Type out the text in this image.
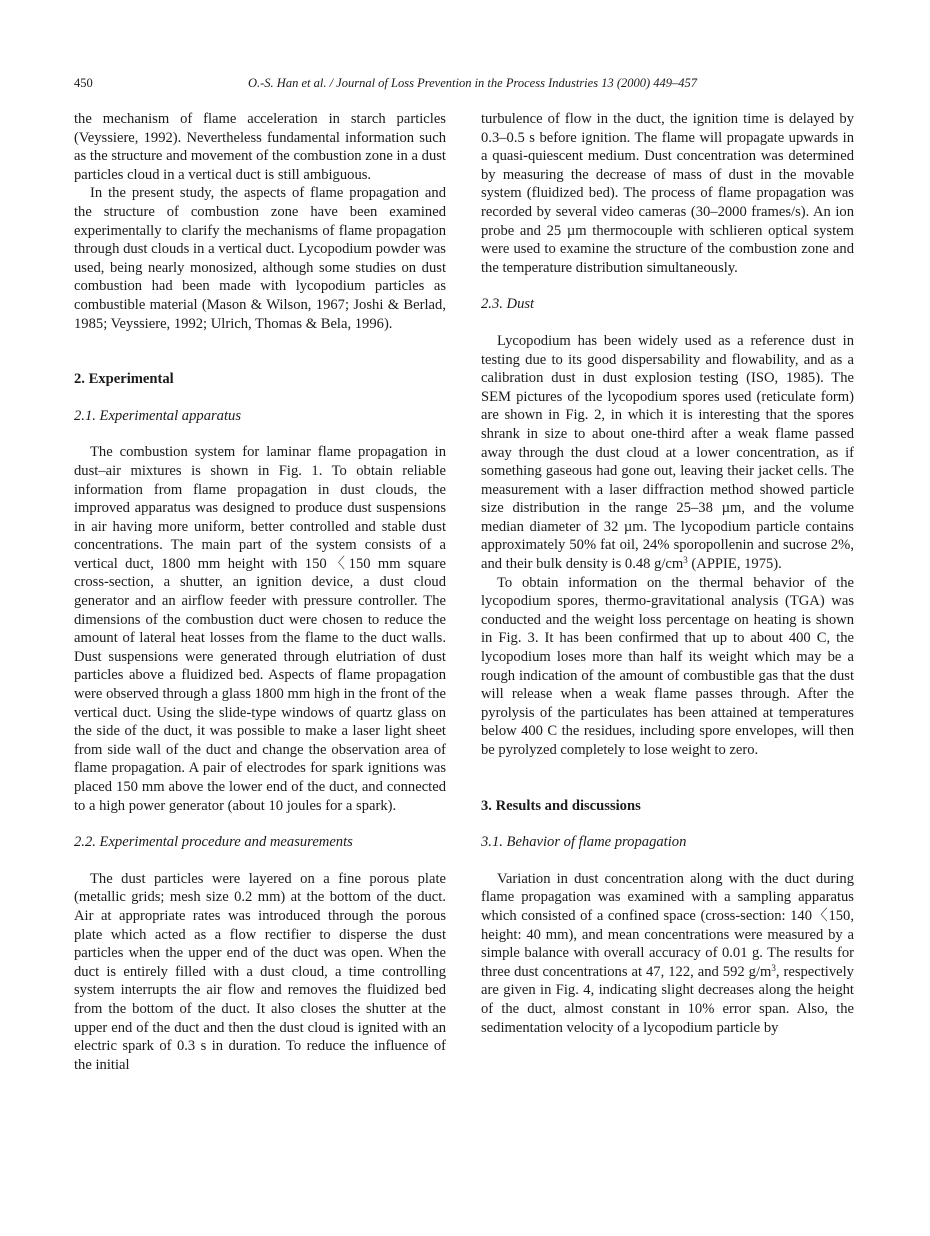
450	O.-S. Han et al. / Journal of Loss Prevention in the Process Industries 13 (2000) 449–457

the mechanism of flame acceleration in starch particles (Veyssiere, 1992). Nevertheless fundamental information such as the structure and movement of the combustion zone in a dust particles cloud in a vertical duct is still ambiguous.

In the present study, the aspects of flame propagation and the structure of combustion zone have been examined experimentally to clarify the mechanisms of flame propagation through dust clouds in a vertical duct. Lycopodium powder was used, being nearly monosized, although some studies on dust combustion had been made with lycopodium particles as combustible material (Mason & Wilson, 1967; Joshi & Berlad, 1985; Veyssiere, 1992; Ulrich, Thomas & Bela, 1996).

2. Experimental
2.1. Experimental apparatus

The combustion system for laminar flame propagation in dust–air mixtures is shown in Fig. 1. To obtain reliable information from flame propagation in dust clouds, the improved apparatus was designed to produce dust suspensions in air having more uniform, better controlled and stable dust concentrations. The main part of the system consists of a vertical duct, 1800 mm height with 150〈150 mm square cross-section, a shutter, an ignition device, a dust cloud generator and an airflow feeder with pressure controller. The dimensions of the combustion duct were chosen to reduce the amount of lateral heat losses from the flame to the duct walls. Dust suspensions were generated through elutriation of dust particles above a fluidized bed. Aspects of flame propagation were observed through a glass 1800 mm high in the front of the vertical duct. Using the slide-type windows of quartz glass on the side of the duct, it was possible to make a laser light sheet from side wall of the duct and change the observation area of flame propagation. A pair of electrodes for spark ignitions was placed 150 mm above the lower end of the duct, and connected to a high power generator (about 10 joules for a spark).

2.2. Experimental procedure and measurements

The dust particles were layered on a fine porous plate (metallic grids; mesh size 0.2 mm) at the bottom of the duct. Air at appropriate rates was introduced through the porous plate which acted as a flow rectifier to disperse the dust particles when the upper end of the duct was open. When the duct is entirely filled with a dust cloud, a time controlling system interrupts the air flow and removes the fluidized bed from the bottom of the duct. It also closes the shutter at the upper end of the duct and then the dust cloud is ignited with an electric spark of 0.3 s in duration. To reduce the influence of the initial

turbulence of flow in the duct, the ignition time is delayed by 0.3–0.5 s before ignition. The flame will propagate upwards in a quasi-quiescent medium. Dust concentration was determined by measuring the decrease of mass of dust in the movable system (fluidized bed). The process of flame propagation was recorded by several video cameras (30–2000 frames/s). An ion probe and 25 µm thermocouple with schlieren optical system were used to examine the structure of the combustion zone and the temperature distribution simultaneously.

2.3. Dust

Lycopodium has been widely used as a reference dust in testing due to its good dispersability and flowability, and as a calibration dust in dust explosion testing (ISO, 1985). The SEM pictures of the lycopodium spores used (reticulate form) are shown in Fig. 2, in which it is interesting that the spores shrank in size to about one-third after a weak flame passed away through the dust cloud at a lower concentration, as if something gaseous had gone out, leaving their jacket cells. The measurement with a laser diffraction method showed particle size distribution in the range 25–38 µm, and the volume median diameter of 32 µm. The lycopodium particle contains approximately 50% fat oil, 24% sporopollenin and sucrose 2%, and their bulk density is 0.48 $g/cm^3$ (APPIE, 1975).

To obtain information on the thermal behavior of the lycopodium spores, thermo-gravitational analysis (TGA) was conducted and the weight loss percentage on heating is shown in Fig. 3. It has been confirmed that up to about 400 C, the lycopodium loses more than half its weight which may be a rough indication of the amount of combustible gas that the dust will release when a weak flame passes through. After the pyrolysis of the particulates has been attained at temperatures below 400 C the residues, including spore envelopes, will then be pyrolyzed completely to lose weight to zero.

3. Results and discussions
3.1. Behavior of flame propagation

Variation in dust concentration along with the duct during flame propagation was examined with a sampling apparatus which consisted of a confined space (cross-section: 140〈150, height: 40 mm), and mean concentrations were measured by a simple balance with overall accuracy of 0.01 g. The results for three dust concentrations at 47, 122, and 592 $g/m^3$, respectively are given in Fig. 4, indicating slight decreases along the height of the duct, almost constant in 10% error span. Also, the sedimentation velocity of a lycopodium particle by
